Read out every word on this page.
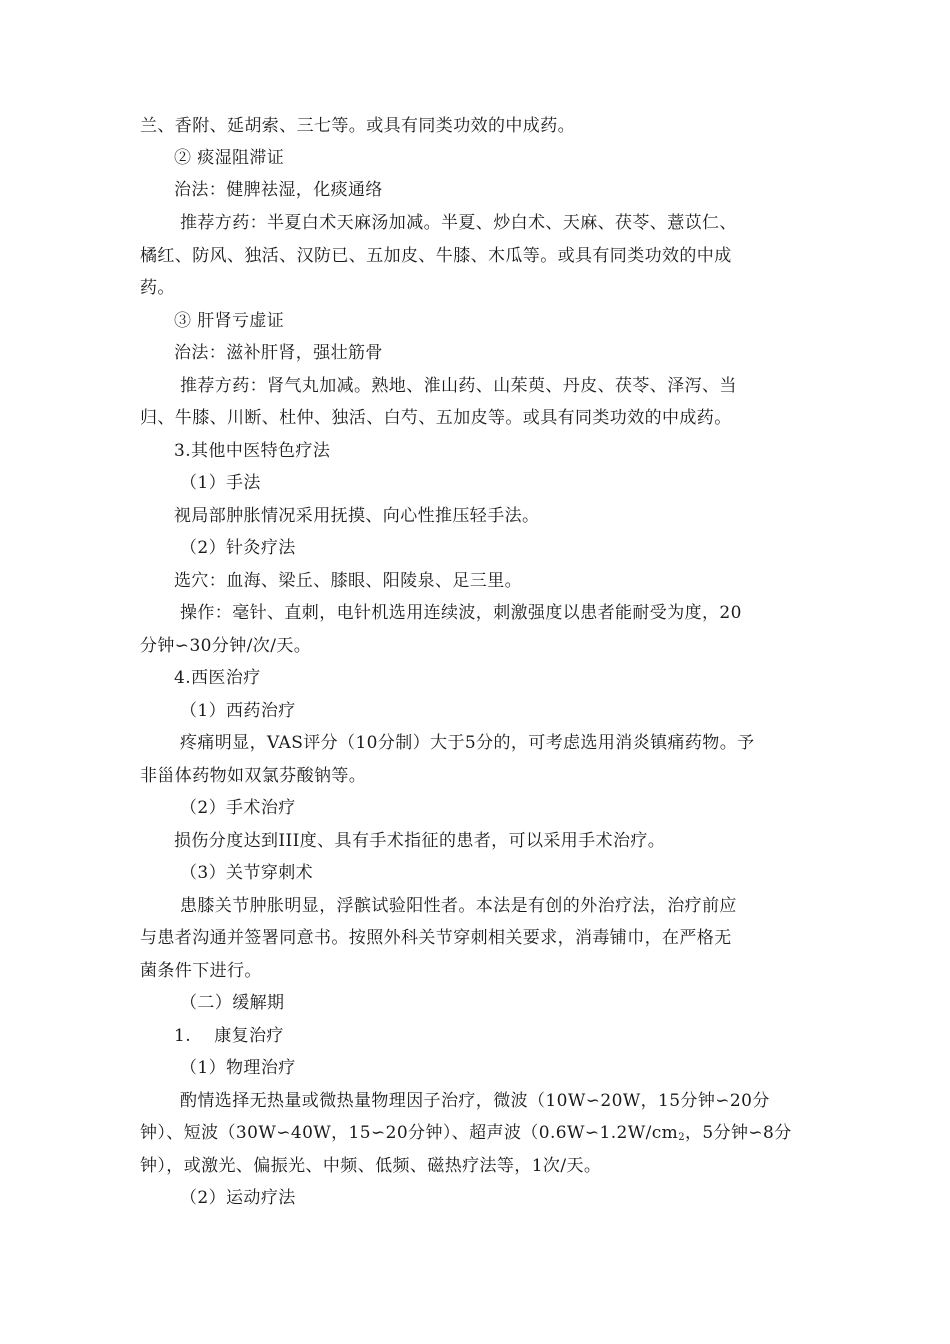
兰、香附、延胡索、三七等。或具有同类功效的中成药。
② 痰湿阻滞证
治法：健脾祛湿，化痰通络
推荐方药：半夏白术天麻汤加减。半夏、炒白术、天麻、茯苓、薏苡仁、
橘红、防风、独活、汉防已、五加皮、牛膝、木瓜等。或具有同类功效的中成
药。
③ 肝肾亏虚证
治法：滋补肝肾，强壮筋骨
推荐方药：肾气丸加减。熟地、淮山药、山茱萸、丹皮、茯苓、泽泻、当
归、牛膝、川断、杜仲、独活、白芍、五加皮等。或具有同类功效的中成药。
3.其他中医特色疗法
（1）手法
视局部肿胀情况采用抚摸、向心性推压轻手法。
（2）针灸疗法
选穴：血海、梁丘、膝眼、阳陵泉、足三里。
操作：毫针、直刺，电针机选用连续波，刺激强度以患者能耐受为度，20
分钟∽30分钟/次/天。
4.西医治疗
（1）西药治疗
疼痛明显，VAS评分（10分制）大于5分的，可考虑选用消炎镇痛药物。予
非甾体药物如双氯芬酸钠等。
（2）手术治疗
损伤分度达到III度、具有手术指征的患者，可以采用手术治疗。
（3）关节穿刺术
患膝关节肿胀明显，浮髌试验阳性者。本法是有创的外治疗法，治疗前应
与患者沟通并签署同意书。按照外科关节穿刺相关要求，消毒铺巾，在严格无
菌条件下进行。
（二）缓解期
1.    康复治疗
（1）物理治疗
酌情选择无热量或微热量物理因子治疗，微波（10W∽20W，15分钟∽20分
钟）、短波（30W∽40W，15∽20分钟）、超声波（$0.6W∽1.2W/cm_2$，5分钟∽8分
钟），或激光、偏振光、中频、低频、磁热疗法等，1次/天。
（2）运动疗法
